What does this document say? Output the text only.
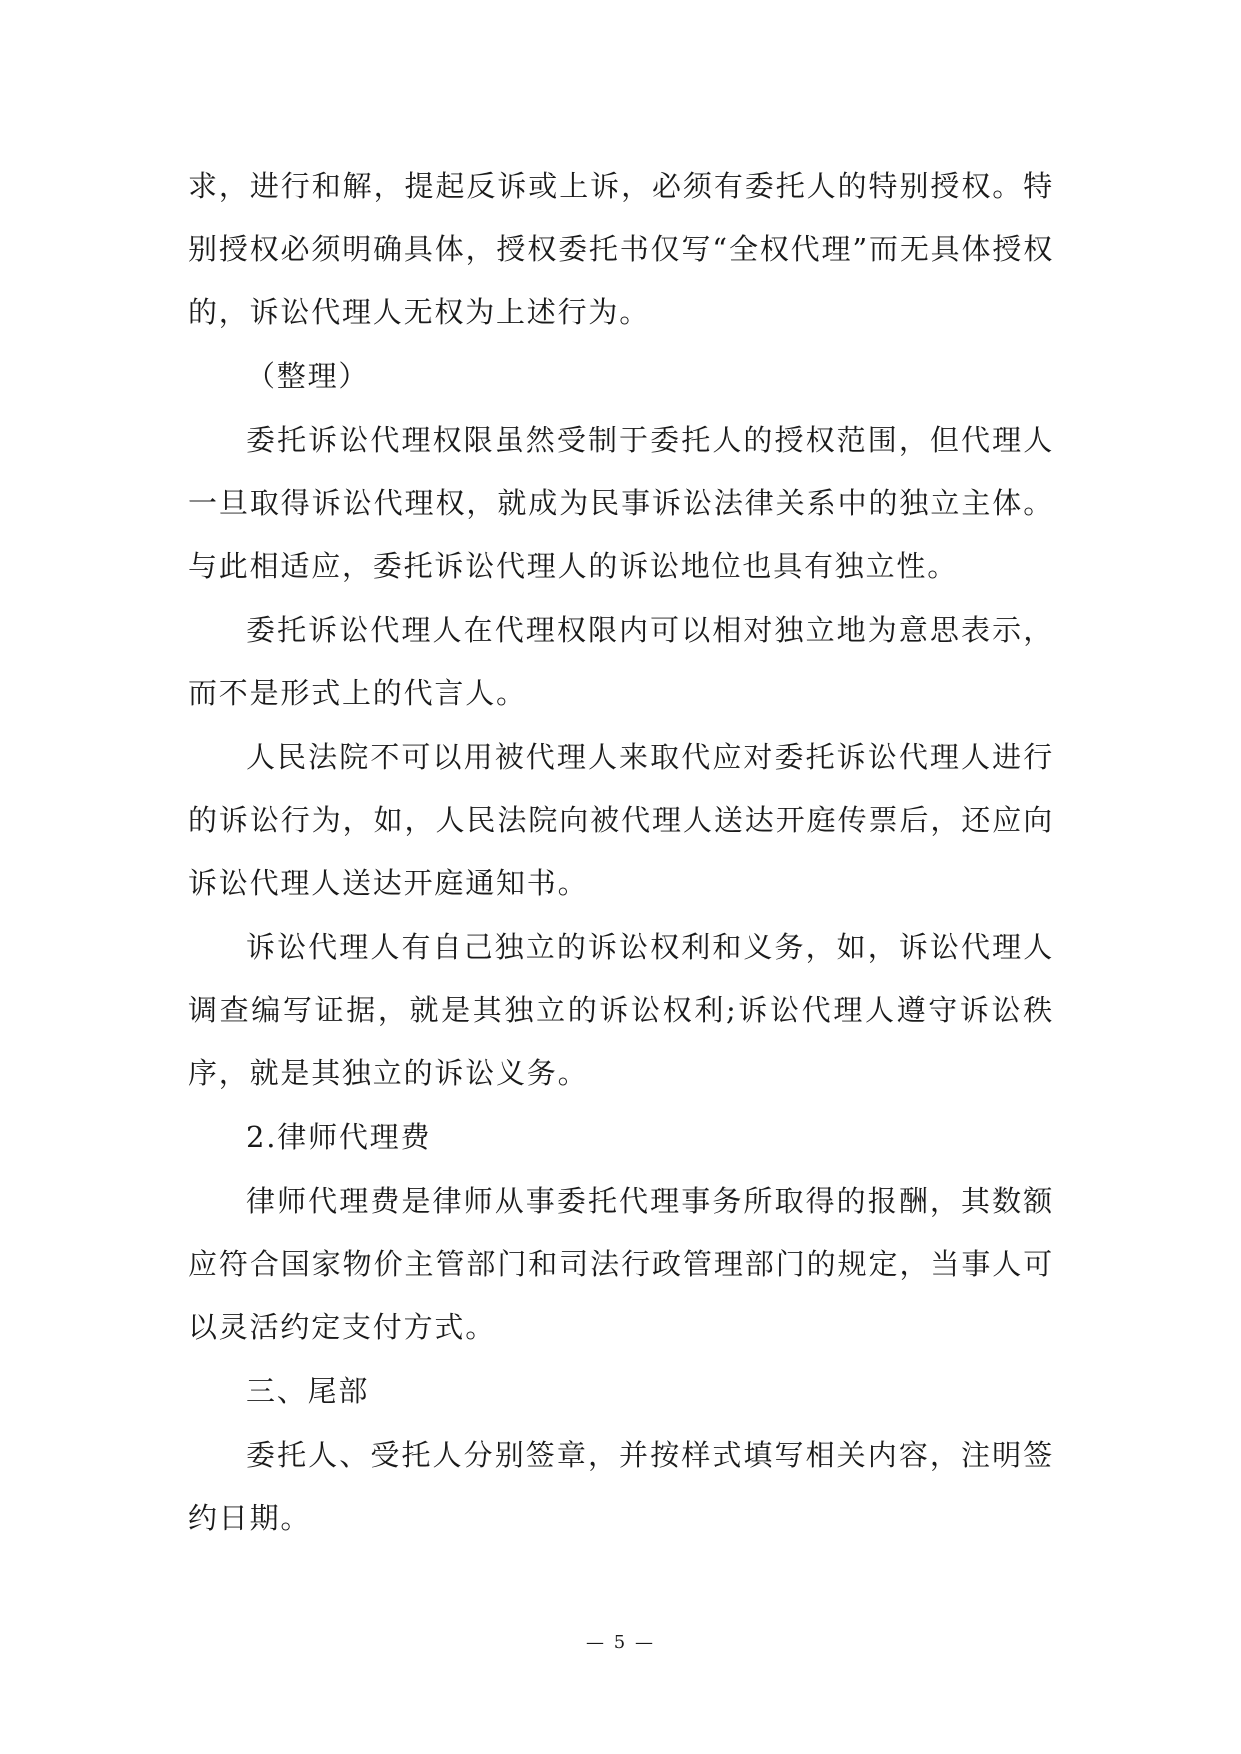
求，进行和解，提起反诉或上诉，必须有委托人的特别授权。特别授权必须明确具体，授权委托书仅写“全权代理”而无具体授权的，诉讼代理人无权为上述行为。

（整理）

委托诉讼代理权限虽然受制于委托人的授权范围，但代理人一旦取得诉讼代理权，就成为民事诉讼法律关系中的独立主体。与此相适应，委托诉讼代理人的诉讼地位也具有独立性。

委托诉讼代理人在代理权限内可以相对独立地为意思表示，而不是形式上的代言人。

人民法院不可以用被代理人来取代应对委托诉讼代理人进行的诉讼行为，如，人民法院向被代理人送达开庭传票后，还应向诉讼代理人送达开庭通知书。

诉讼代理人有自己独立的诉讼权利和义务，如，诉讼代理人调查编写证据，就是其独立的诉讼权利;诉讼代理人遵守诉讼秩序，就是其独立的诉讼义务。

2.律师代理费

律师代理费是律师从事委托代理事务所取得的报酬，其数额应符合国家物价主管部门和司法行政管理部门的规定，当事人可以灵活约定支付方式。

三、尾部

委托人、受托人分别签章，并按样式填写相关内容，注明签约日期。

— 5 —
